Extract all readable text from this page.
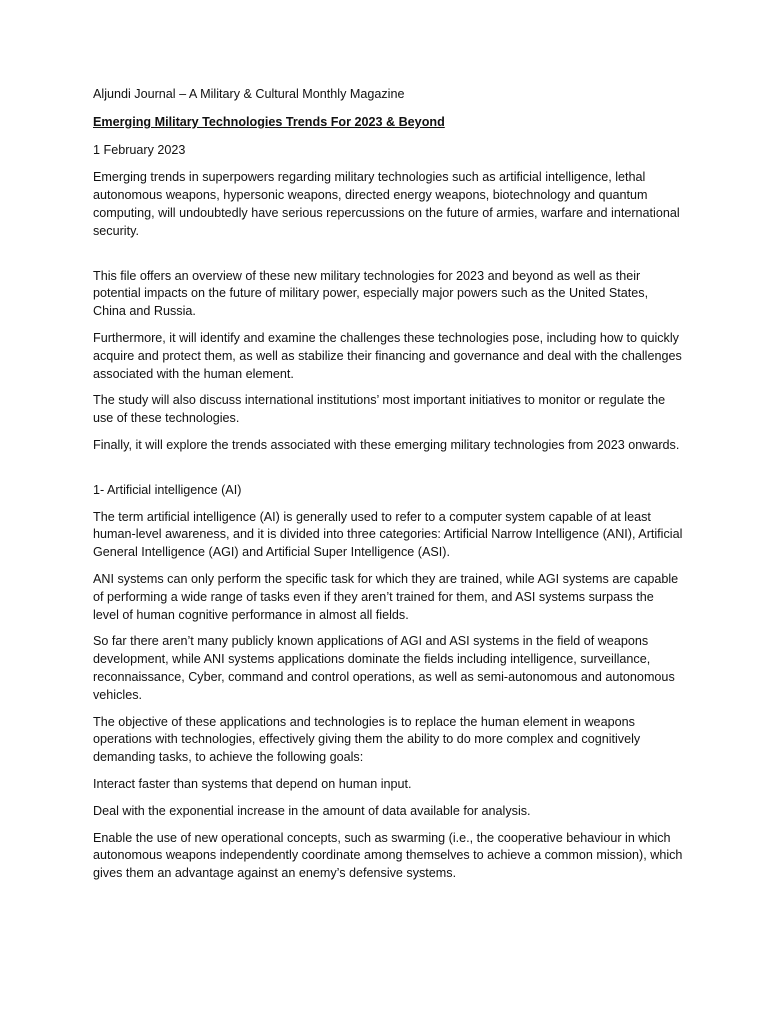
Aljundi Journal – A Military & Cultural Monthly Magazine

Emerging Military Technologies Trends For 2023 & Beyond

1 February 2023

Emerging trends in superpowers regarding military technologies such as artificial intelligence, lethal autonomous weapons, hypersonic weapons, directed energy weapons, biotechnology and quantum computing, will undoubtedly have serious repercussions on the future of armies, warfare and international security.

This file offers an overview of these new military technologies for 2023 and beyond as well as their potential impacts on the future of military power, especially major powers such as the United States, China and Russia.

Furthermore, it will identify and examine the challenges these technologies pose, including how to quickly acquire and protect them, as well as stabilize their financing and governance and deal with the challenges associated with the human element.

The study will also discuss international institutions’ most important initiatives to monitor or regulate the use of these technologies.

Finally, it will explore the trends associated with these emerging military technologies from 2023 onwards.

1- Artificial intelligence (AI)

The term artificial intelligence (AI) is generally used to refer to a computer system capable of at least human-level awareness, and it is divided into three categories: Artificial Narrow Intelligence (ANI), Artificial General Intelligence (AGI) and Artificial Super Intelligence (ASI).

ANI systems can only perform the specific task for which they are trained, while AGI systems are capable of performing a wide range of tasks even if they aren’t trained for them, and ASI systems surpass the level of human cognitive performance in almost all fields.

So far there aren’t many publicly known applications of AGI and ASI systems in the field of weapons development, while ANI systems applications dominate the fields including intelligence, surveillance, reconnaissance, Cyber, command and control operations, as well as semi-autonomous and autonomous vehicles.

The objective of these applications and technologies is to replace the human element in weapons operations with technologies, effectively giving them the ability to do more complex and cognitively demanding tasks, to achieve the following goals:

Interact faster than systems that depend on human input.

Deal with the exponential increase in the amount of data available for analysis.

Enable the use of new operational concepts, such as swarming (i.e., the cooperative behaviour in which autonomous weapons independently coordinate among themselves to achieve a common mission), which gives them an advantage against an enemy’s defensive systems.
